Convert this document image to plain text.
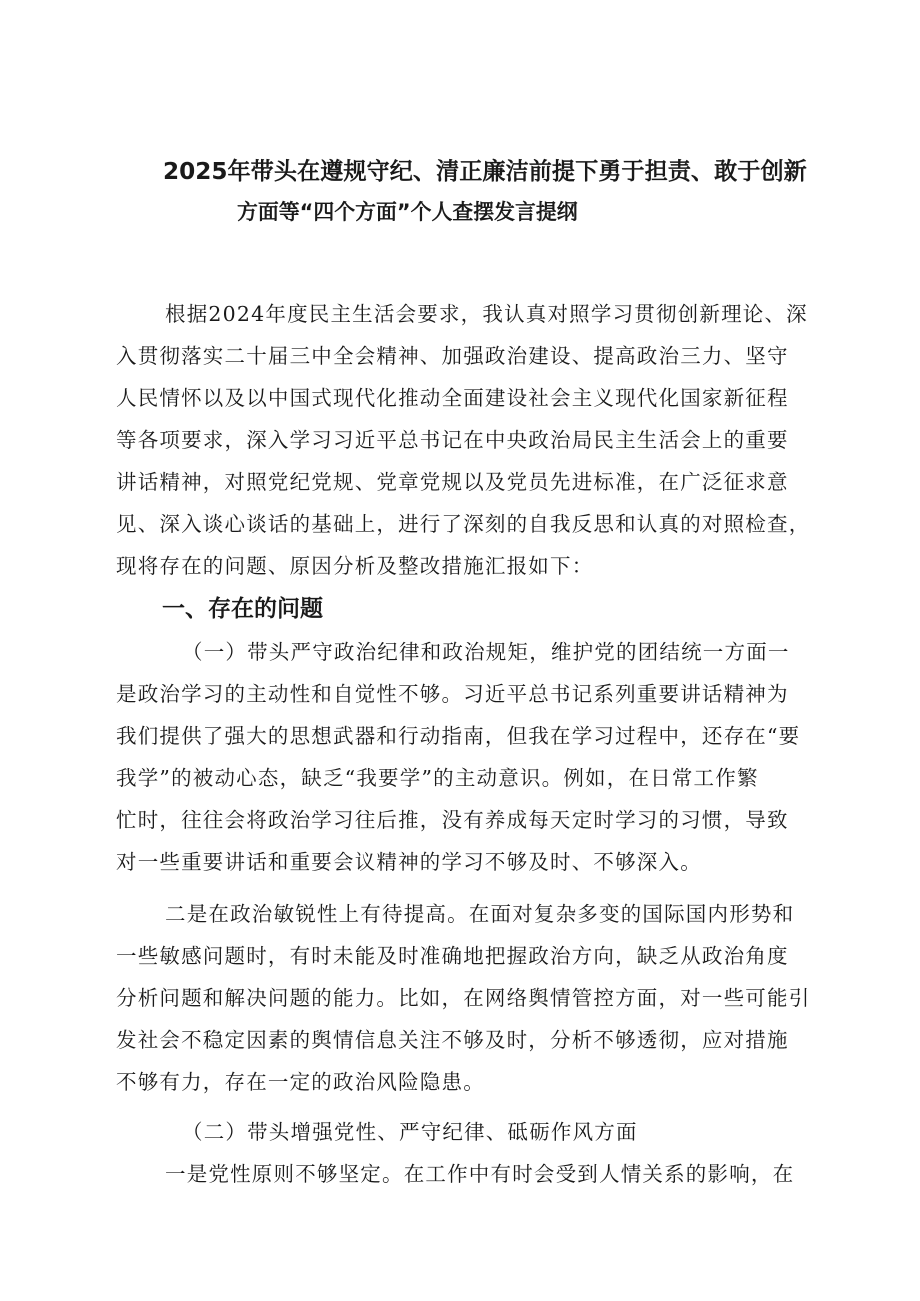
2025年带头在遵规守纪、清正廉洁前提下勇于担责、敢于创新
方面等“四个方面”个人查摆发言提纲

根据2024年度民主生活会要求，我认真对照学习贯彻创新理论、深

入贯彻落实二十届三中全会精神、加强政治建设、提高政治三力、坚守

人民情怀以及以中国式现代化推动全面建设社会主义现代化国家新征程

等各项要求，深入学习习近平总书记在中央政治局民主生活会上的重要

讲话精神，对照党纪党规、党章党规以及党员先进标准，在广泛征求意

见、深入谈心谈话的基础上，进行了深刻的自我反思和认真的对照检查，

现将存在的问题、原因分析及整改措施汇报如下：

一、存在的问题

（一）带头严守政治纪律和政治规矩，维护党的团结统一方面一

是政治学习的主动性和自觉性不够。习近平总书记系列重要讲话精神为

我们提供了强大的思想武器和行动指南，但我在学习过程中，还存在“要

我学”的被动心态，缺乏“我要学”的主动意识。例如，在日常工作繁

忙时，往往会将政治学习往后推，没有养成每天定时学习的习惯，导致

对一些重要讲话和重要会议精神的学习不够及时、不够深入。

二是在政治敏锐性上有待提高。在面对复杂多变的国际国内形势和

一些敏感问题时，有时未能及时准确地把握政治方向，缺乏从政治角度

分析问题和解决问题的能力。比如，在网络舆情管控方面，对一些可能引

发社会不稳定因素的舆情信息关注不够及时，分析不够透彻，应对措施

不够有力，存在一定的政治风险隐患。

（二）带头增强党性、严守纪律、砥砺作风方面

一是党性原则不够坚定。在工作中有时会受到人情关系的影响，在
